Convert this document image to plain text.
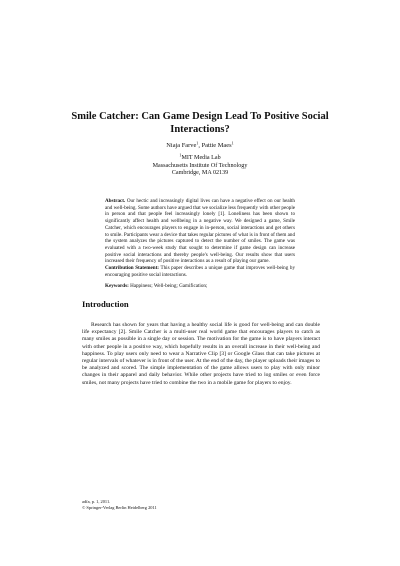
Smile Catcher: Can Game Design Lead To Positive Social Interactions?
Niaja Farve$^1$, Pattie Maes$^1$
$^1$MIT Media Lab
Massachusetts Institute Of Technology
Cambridge, MA 02139

Abstract. Our hectic and increasingly digital lives can have a negative effect on our health and well-being. Some authors have argued that we socialize less frequently with other people in person and that people feel increasingly lonely [1]. Loneliness has been shown to significantly affect health and wellbeing in a negative way. We designed a game, Smile Catcher, which encourages players to engage in in-person, social interactions and get others to smile. Participants wear a device that takes regular pictures of what is in front of them and the system analyzes the pictures captured to detect the number of smiles. The game was evaluated with a two-week study that sought to determine if game design can increase positive social interactions and thereby people's well-being. Our results show that users increased their frequency of positive interactions as a result of playing our game.

Contribution Statement: This paper describes a unique game that improves well-being by encouraging positive social interactions.

Keywords: Happiness; Well-being; Gamification;
Introduction

Research has shown for years that having a healthy social life is good for well-being and can double life expectancy [2]. Smile Catcher is a multi-user real world game that encourages players to catch as many smiles as possible in a single day or session. The motivation for the game is to have players interact with other people in a positive way, which hopefully results in an overall increase in their well-being and happiness. To play users only need to wear a Narrative Clip [3] or Google Glass that can take pictures at regular intervals of whatever is in front of the user. At the end of the day, the player uploads their images to be analyzed and scored. The simple implementation of the game allows users to play with only minor changes in their apparel and daily behavior. While other projects have tried to log smiles or even force smiles, not many projects have tried to combine the two in a mobile game for players to enjoy.

adfa, p. 1, 2011.
© Springer-Verlag Berlin Heidelberg 2011
